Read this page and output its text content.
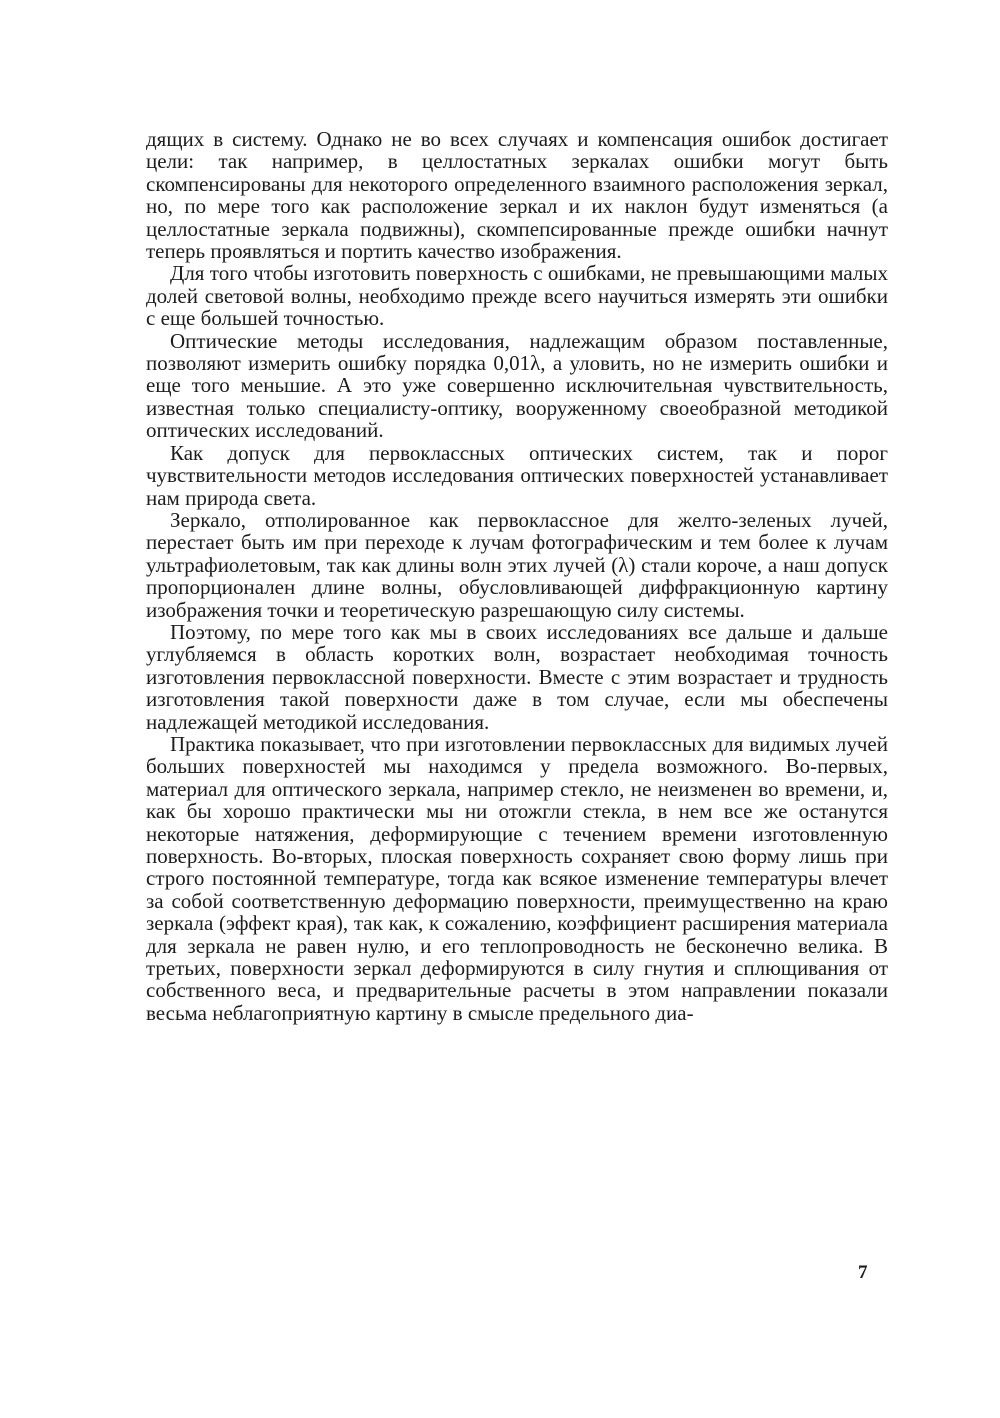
дящих в систему. Однако не во всех случаях и компенсация ошибок достигает цели: так например, в целлостатных зеркалах ошибки могут быть скомпенсированы для некоторого определенного взаимного расположения зеркал, но, по мере того как расположение зеркал и их наклон будут изменяться (а целлостатные зеркала подвижны), скомпепсированные прежде ошибки начнут теперь проявляться и портить качество изображения.

Для того чтобы изготовить поверхность с ошибками, не превышающими малых долей световой волны, необходимо прежде всего научиться измерять эти ошибки с еще большей точностью.

Оптические методы исследования, надлежащим образом поставленные, позволяют измерить ошибку порядка 0,01λ, а уловить, но не измерить ошибки и еще того меньшие. А это уже совершенно исключительная чувствительность, известная только специалисту-оптику, вооруженному своеобразной методикой оптических исследований.

Как допуск для первоклассных оптических систем, так и порог чувствительности методов исследования оптических поверхностей устанавливает нам природа света.

Зеркало, отполированное как первоклассное для желто-зеленых лучей, перестает быть им при переходе к лучам фотографическим и тем более к лучам ультрафиолетовым, так как длины волн этих лучей (λ) стали короче, а наш допуск пропорционален длине волны, обусловливающей диффракционную картину изображения точки и теоретическую разрешающую силу системы.

Поэтому, по мере того как мы в своих исследованиях все дальше и дальше углубляемся в область коротких волн, возрастает необходимая точность изготовления первоклассной поверхности. Вместе с этим возрастает и трудность изготовления такой поверхности даже в том случае, если мы обеспечены надлежащей методикой исследования.

Практика показывает, что при изготовлении первоклассных для видимых лучей больших поверхностей мы находимся у предела возможного. Во-первых, материал для оптического зеркала, например стекло, не неизменен во времени, и, как бы хорошо практически мы ни отожгли стекла, в нем все же останутся некоторые натяжения, деформирующие с течением времени изготовленную поверхность. Во-вторых, плоская поверхность сохраняет свою форму лишь при строго постоянной температуре, тогда как всякое изменение температуры влечет за собой соответственную деформацию поверхности, преимущественно на краю зеркала (эффект края), так как, к сожалению, коэффициент расширения материала для зеркала не равен нулю, и его теплопроводность не бесконечно велика. В третьих, поверхности зеркал деформируются в силу гнутия и сплющивания от собственного веса, и предварительные расчеты в этом направлении показали весьма неблагоприятную картину в смысле предельного диа-

7
